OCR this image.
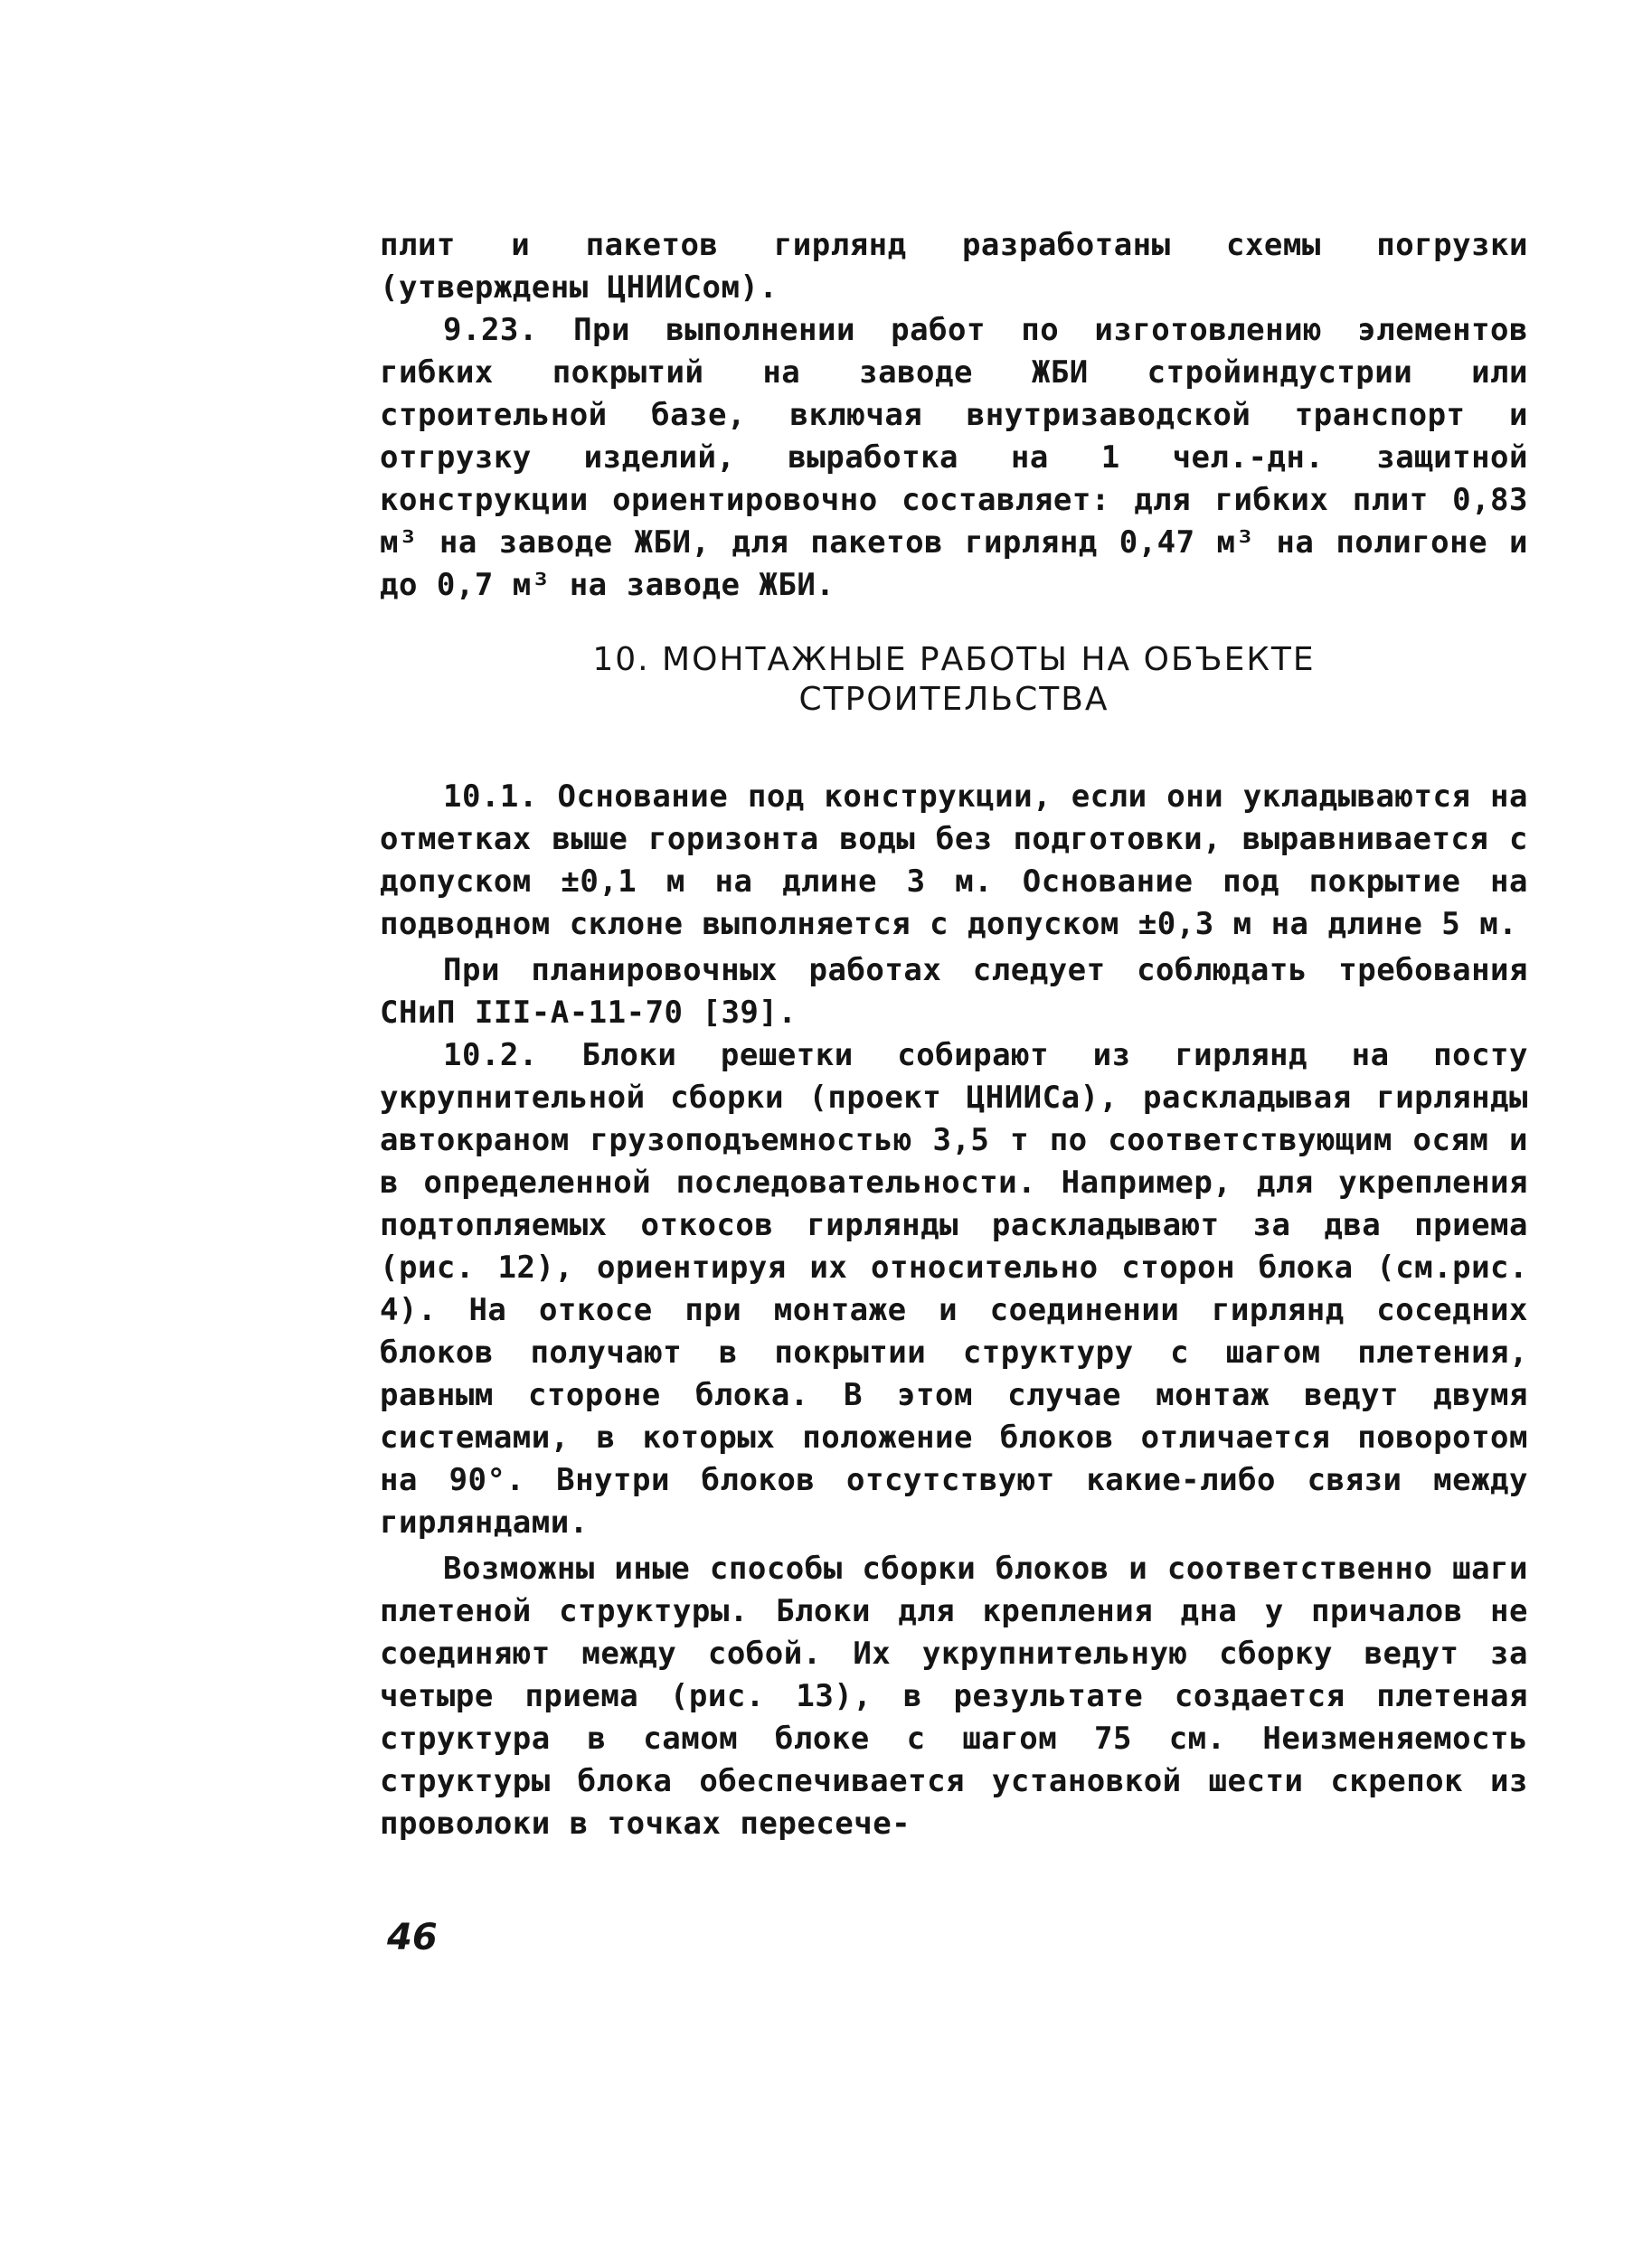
плит и пакетов гирлянд разработаны схемы погрузки (утверждены ЦНИИСом).

9.23. При выполнении работ по изготовлению элементов гибких покрытий на заводе ЖБИ стройиндустрии или строительной базе, включая внутризаводской транспорт и отгрузку изделий, выработка на 1 чел.-дн. защитной конструкции ориентировочно составляет: для гибких плит 0,83 м³ на заводе ЖБИ, для пакетов гирлянд 0,47 м³ на полигоне и до 0,7 м³ на заводе ЖБИ.

10. МОНТАЖНЫЕ РАБОТЫ НА ОБЪЕКТЕ
СТРОИТЕЛЬСТВА

10.1. Основание под конструкции, если они укладываются на отметках выше горизонта воды без подготовки, выравнивается с допуском ±0,1 м на длине 3 м. Основание под покрытие на подводном склоне выполняется с допуском ±0,3 м на длине 5 м.

При планировочных работах следует соблюдать требования СНиП III-А-11-70 [39].

10.2. Блоки решетки собирают из гирлянд на посту укрупнительной сборки (проект ЦНИИСа), раскладывая гирлянды автокраном грузоподъемностью 3,5 т по соответствующим осям и в определенной последовательности. Например, для укрепления подтопляемых откосов гирлянды раскладывают за два приема (рис. 12), ориентируя их относительно сторон блока (см.рис. 4). На откосе при монтаже и соединении гирлянд соседних блоков получают в покрытии структуру с шагом плетения, равным стороне блока. В этом случае монтаж ведут двумя системами, в которых положение блоков отличается поворотом на 90°. Внутри блоков отсутствуют какие-либо связи между гирляндами.

Возможны иные способы сборки блоков и соответственно шаги плетеной структуры. Блоки для крепления дна у причалов не соединяют между собой. Их укрупнительную сборку ведут за четыре приема (рис. 13), в результате создается плетеная структура в самом блоке с шагом 75 см. Неизменяемость структуры блока обеспечивается установкой шести скрепок из проволоки в точках пересече-

46
